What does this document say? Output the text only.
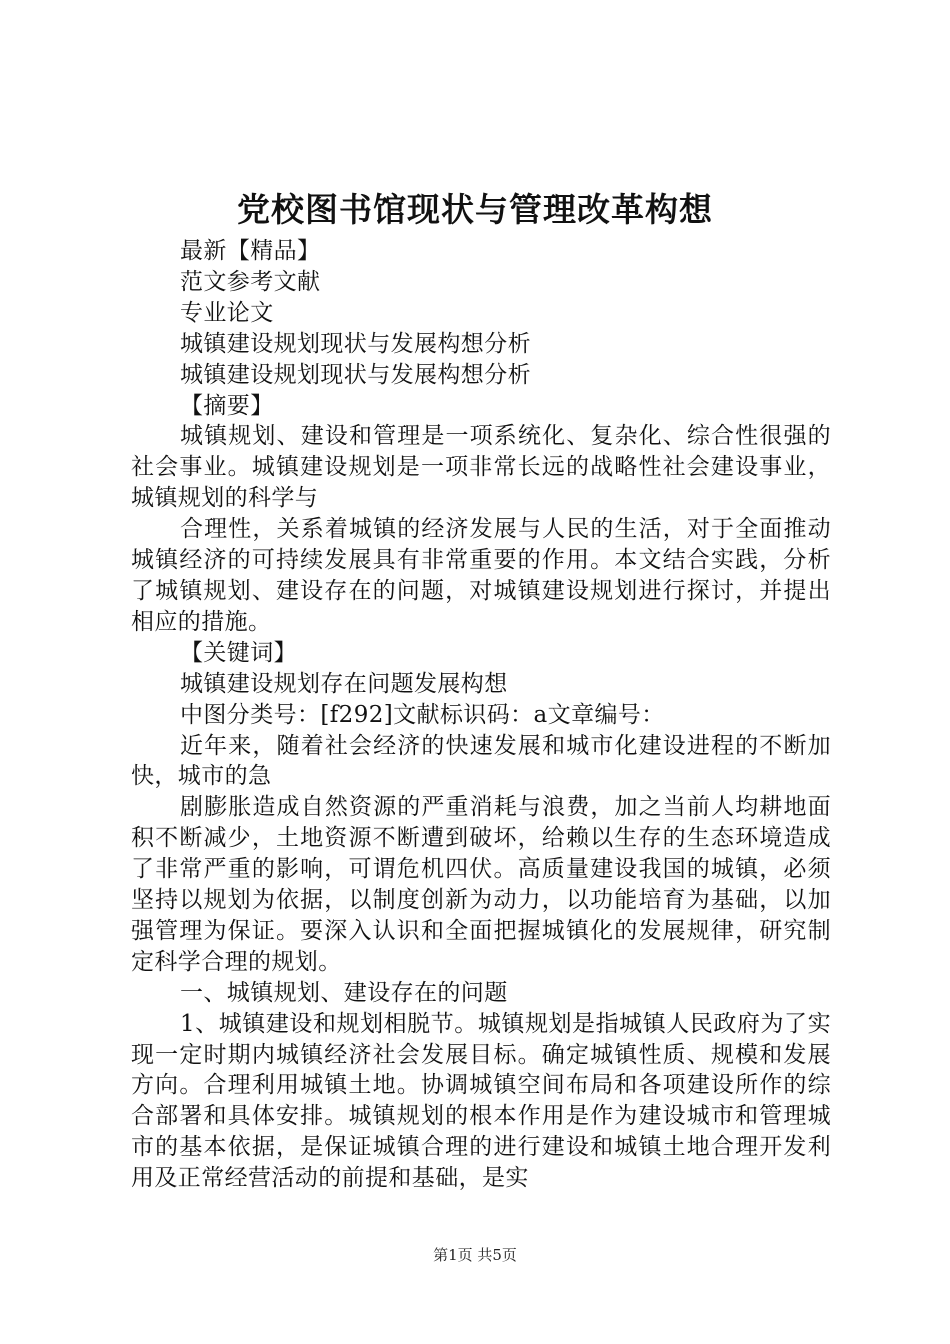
党校图书馆现状与管理改革构想

最新【精品】

范文参考文献

专业论文

城镇建设规划现状与发展构想分析

城镇建设规划现状与发展构想分析

【摘要】

城镇规划、建设和管理是一项系统化、复杂化、综合性很强的社会事业。城镇建设规划是一项非常长远的战略性社会建设事业，城镇规划的科学与

合理性，关系着城镇的经济发展与人民的生活，对于全面推动城镇经济的可持续发展具有非常重要的作用。本文结合实践，分析了城镇规划、建设存在的问题，对城镇建设规划进行探讨，并提出相应的措施。

【关键词】

城镇建设规划存在问题发展构想

中图分类号：[f292]文献标识码：a文章编号：

近年来，随着社会经济的快速发展和城市化建设进程的不断加快，城市的急

剧膨胀造成自然资源的严重消耗与浪费，加之当前人均耕地面积不断减少，土地资源不断遭到破坏，给赖以生存的生态环境造成了非常严重的影响，可谓危机四伏。高质量建设我国的城镇，必须坚持以规划为依据，以制度创新为动力，以功能培育为基础，以加强管理为保证。要深入认识和全面把握城镇化的发展规律，研究制定科学合理的规划。

一、城镇规划、建设存在的问题

1、城镇建设和规划相脱节。城镇规划是指城镇人民政府为了实现一定时期内城镇经济社会发展目标。确定城镇性质、规模和发展方向。合理利用城镇土地。协调城镇空间布局和各项建设所作的综合部署和具体安排。城镇规划的根本作用是作为建设城市和管理城市的基本依据，是保证城镇合理的进行建设和城镇土地合理开发利用及正常经营活动的前提和基础，是实

第1页 共5页
